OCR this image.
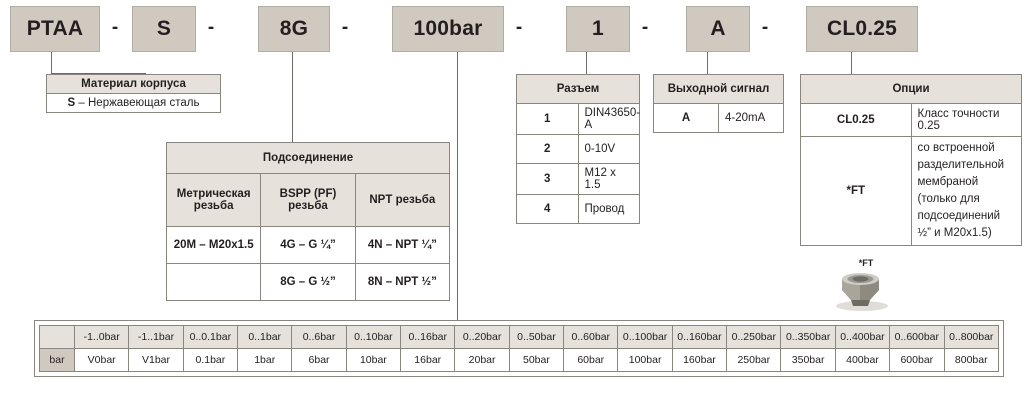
PTAA - S -	8G -	100bar -	1 -	A -	CL0.25
Материал корпуса
S – Нержавеющая сталь
Подсоединение		
Метрическая резьба	BSPP (PF) резьба	NPT резьба
20M – M20x1.5	4G – G ¼”	4N – NPT ¼”
	8G – G ½”	8N – NPT ½”
Разъем	
1	DIN43650-A
2	0-10V
3	M12 x 1.5
4	Провод
Выходной сигнал
A	4-20mA
Опции	
CL0.25	Класс точности 0.25
*FT	со встроенной разделительной мембраной (только для подсоединений ½” и M20x1.5)
*FT
	-1..0bar	-1..1bar	0..0.1bar	0..1bar	0..6bar	0..10bar	0..16bar	0..20bar	0..50bar	0..60bar	0..100bar	0..160bar	0..250bar	0..350bar	0..400bar	0..600bar	0..800bar
bar	V0bar	V1bar	0.1bar	1bar	6bar	10bar	16bar	20bar	50bar	60bar	100bar	160bar	250bar	350bar	400bar	600bar	800bar
